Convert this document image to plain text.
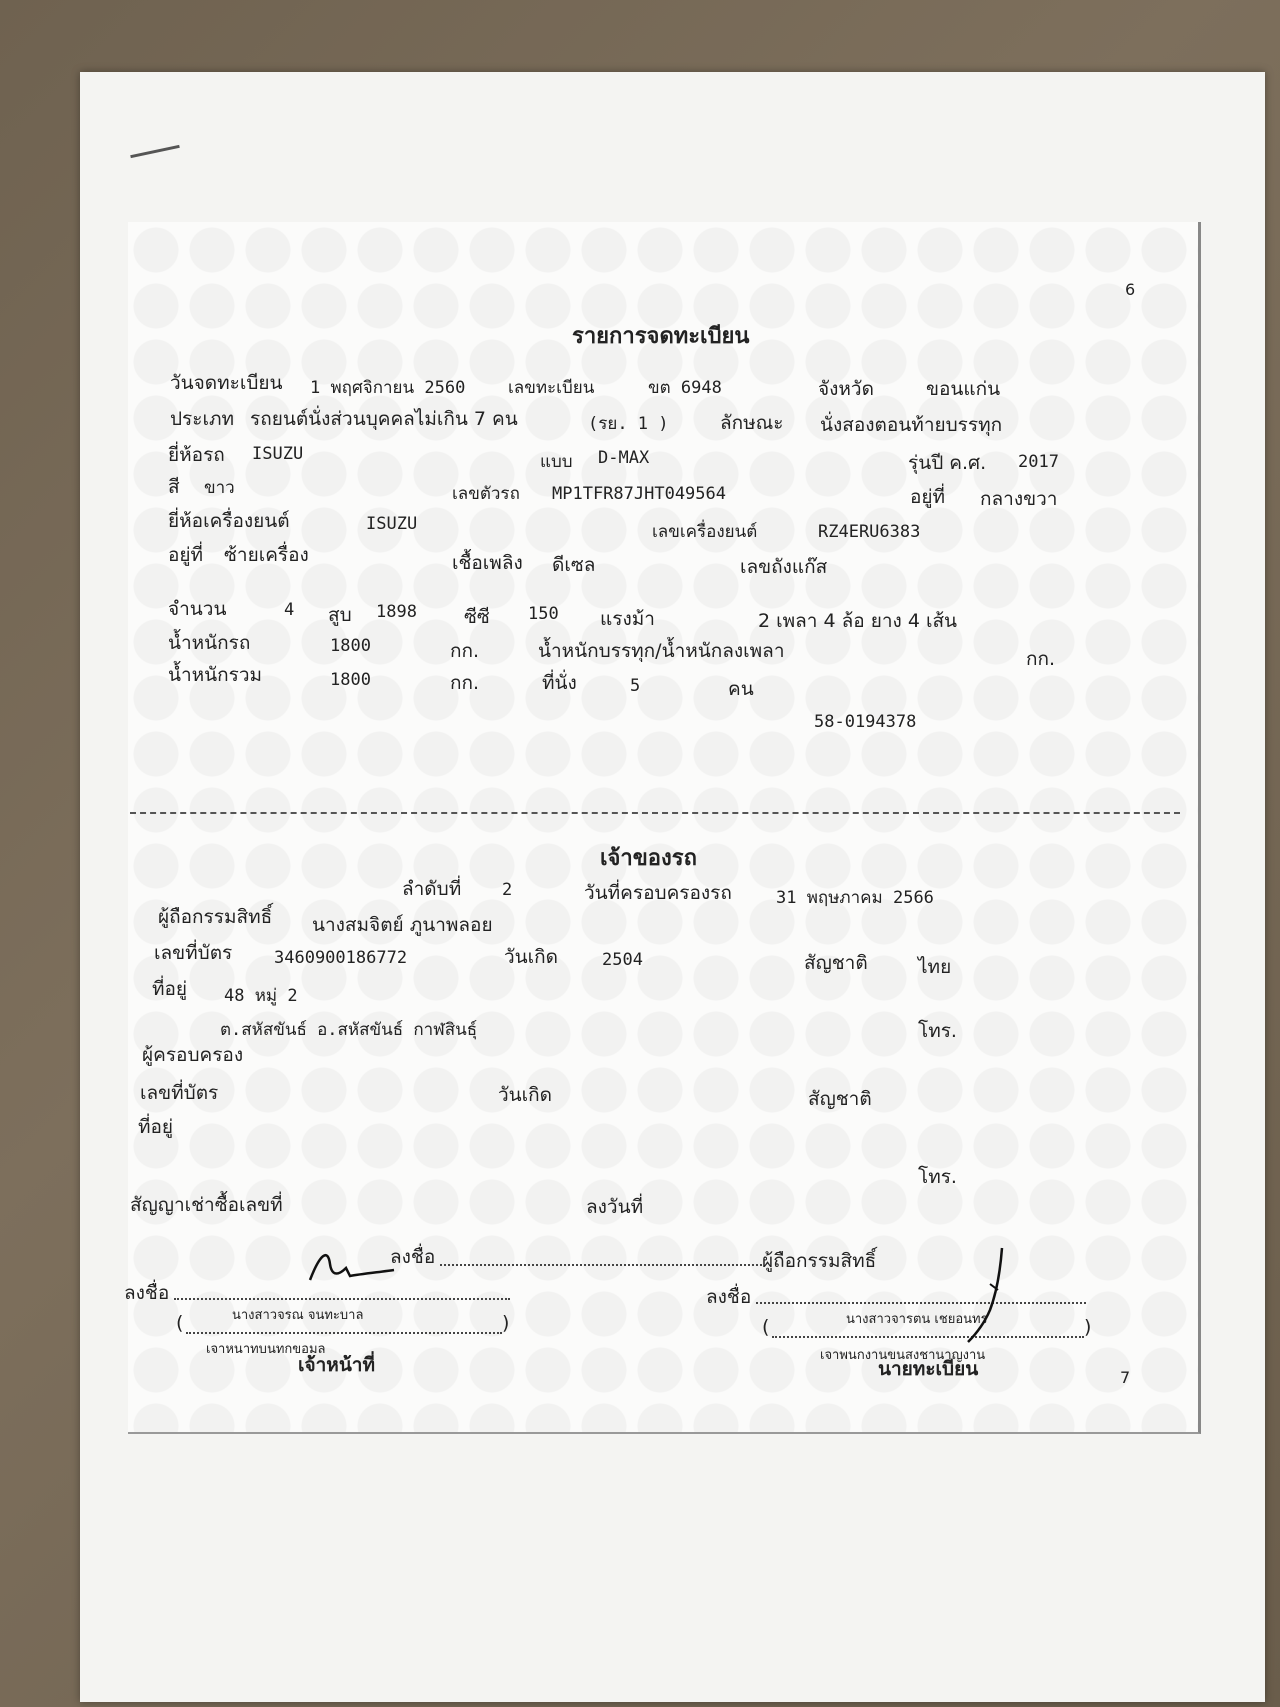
6
รายการจดทะเบียน
วันจดทะเบียน 1 พฤศจิกายน 2560	เลขทะเบียน	ขต 6948	จังหวัด	ขอนแก่น
ประเภท รถยนต์นั่งส่วนบุคคลไม่เกิน 7 คน	(รย. 1 )	ลักษณะ นั่งสองตอนท้ายบรรทุก
ยี่ห้อรถ ISUZU	แบบ D-MAX	รุ่นปี ค.ศ. 2017
สี ขาว	เลขตัวรถ MP1TFR87JHT049564	อยู่ที่ กลางขวา
ยี่ห้อเครื่องยนต์	ISUZU	เลขเครื่องยนต์	RZ4ERU6383
อยู่ที่ ซ้ายเครื่อง	เชื้อเพลิง ดีเซล	เลขถังแก๊ส
จำนวน	4 สูบ 1898 ซีซี 150 แรงม้า	2 เพลา 4 ล้อ ยาง 4 เส้น
น้ำหนักรถ	1800	กก.	น้ำหนักบรรทุก/น้ำหนักลงเพลา	กก.
น้ำหนักรวม	1800	กก.	ที่นั่ง	5	คน
58-0194378
เจ้าของรถ
ลำดับที่ 2	วันที่ครอบครองรถ	31 พฤษภาคม 2566
ผู้ถือกรรมสิทธิ์ นางสมจิตย์ ภูนาพลอย
เลขที่บัตร 3460900186772	วันเกิด	2504	สัญชาติ	ไทย
ที่อยู่ 48 หมู่ 2
ต.สหัสขันธ์ อ.สหัสขันธ์ กาฬสินธุ์	โทร.
ผู้ครอบครอง
เลขที่บัตร	วันเกิด	สัญชาติ
ที่อยู่
โทร.
สัญญาเช่าซื้อเลขที่	ลงวันที่
ลงชื่อ	ผู้ถือกรรมสิทธิ์
ลงชื่อ
นางสาวจรณ จนทะบาล
(	)
เจาหนาทบนทกขอมล
เจ้าหน้าที่
ลงชื่อ
นางสาวจารตน เชยอนทร
(	)
เจาพนกงานขนสงชานาญงาน
นายทะเบียน	7
